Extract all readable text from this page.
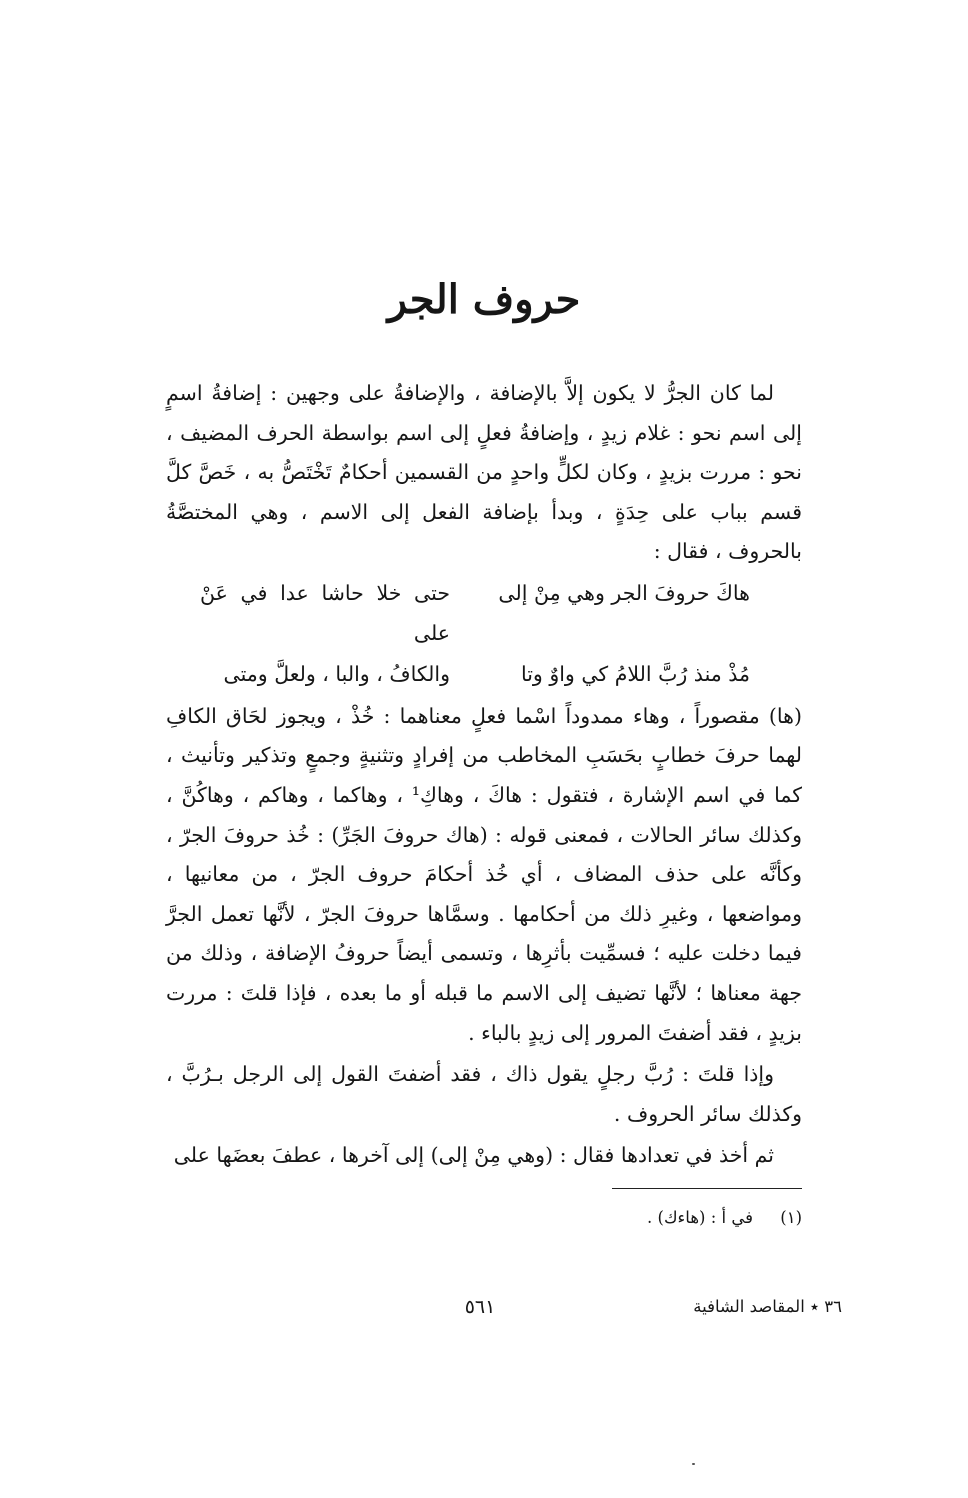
حروف الجر

لما كان الجرُّ لا يكون إلاَّ بالإضافة ، والإضافةُ على وجهين : إضافةُ اسمٍ إلى اسم نحو : غلام زيدٍ ، وإضافةُ فعلٍ إلى اسم بواسطة الحرف المضيف ، نحو : مررت بزيدٍ ، وكان لكلٍّ واحدٍ من القسمين أحكامٌ تَخْتَصُّ به ، خَصَّ كلَّ قسم بباب على حِدَةٍ ، وبدأ بإضافة الفعل إلى الاسم ، وهي المختصَّةُ بالحروف ، فقال :

هاكَ حروفَ الجر وهي مِنْ إلى
حتى خلا حاشا عدا في عَنْ على
مُذْ منذ رُبَّ اللامُ كي واوٌ وتا
والكافُ ، والبا ، ولعلَّ ومتى

(ها) مقصوراً ، وهاء ممدوداً اسْما فعلٍ معناهما : خُذْ ، ويجوز لحَاق الكافِ لهما حرفَ خطابٍ بحَسَبِ المخاطب من إفرادٍ وتثنيةٍ وجمعٍ وتذكير وتأنيث ، كما في اسم الإشارة ، فتقول : هاكَ ، وهاكِ¹ ، وهاكما ، وهاكم ، وهاكُنَّ ، وكذلك سائر الحالات ، فمعنى قوله : (هاك حروفَ الجَرِّ) : خُذ حروفَ الجرّ ، وكأنَّه على حذف المضاف ، أي خُذ أحكامَ حروف الجرّ ، من معانيها ، ومواضعها ، وغيرِ ذلك من أحكامها . وسمَّاها حروفَ الجرّ ، لأنَّها تعمل الجرَّ فيما دخلت عليه ؛ فسمِّيت بأثرِها ، وتسمى أيضاً حروفُ الإضافة ، وذلك من جهة معناها ؛ لأنَّها تضيف إلى الاسم ما قبله أو ما بعده ، فإذا قلتَ : مررت بزيدٍ ، فقد أضفتَ المرور إلى زيدٍ بالباء .

وإذا قلتَ : رُبَّ رجلٍ يقول ذاك ، فقد أضفتَ القول إلى الرجل بـرُبَّ ، وكذلك سائر الحروف .

ثم أخذ في تعدادها فقال : (وهي مِنْ إلى) إلى آخرها ، عطفَ بعضَها على

(١) في أ : (هاءك) .
٣٦ ٭ المقاصد الشافية
٥٦١
